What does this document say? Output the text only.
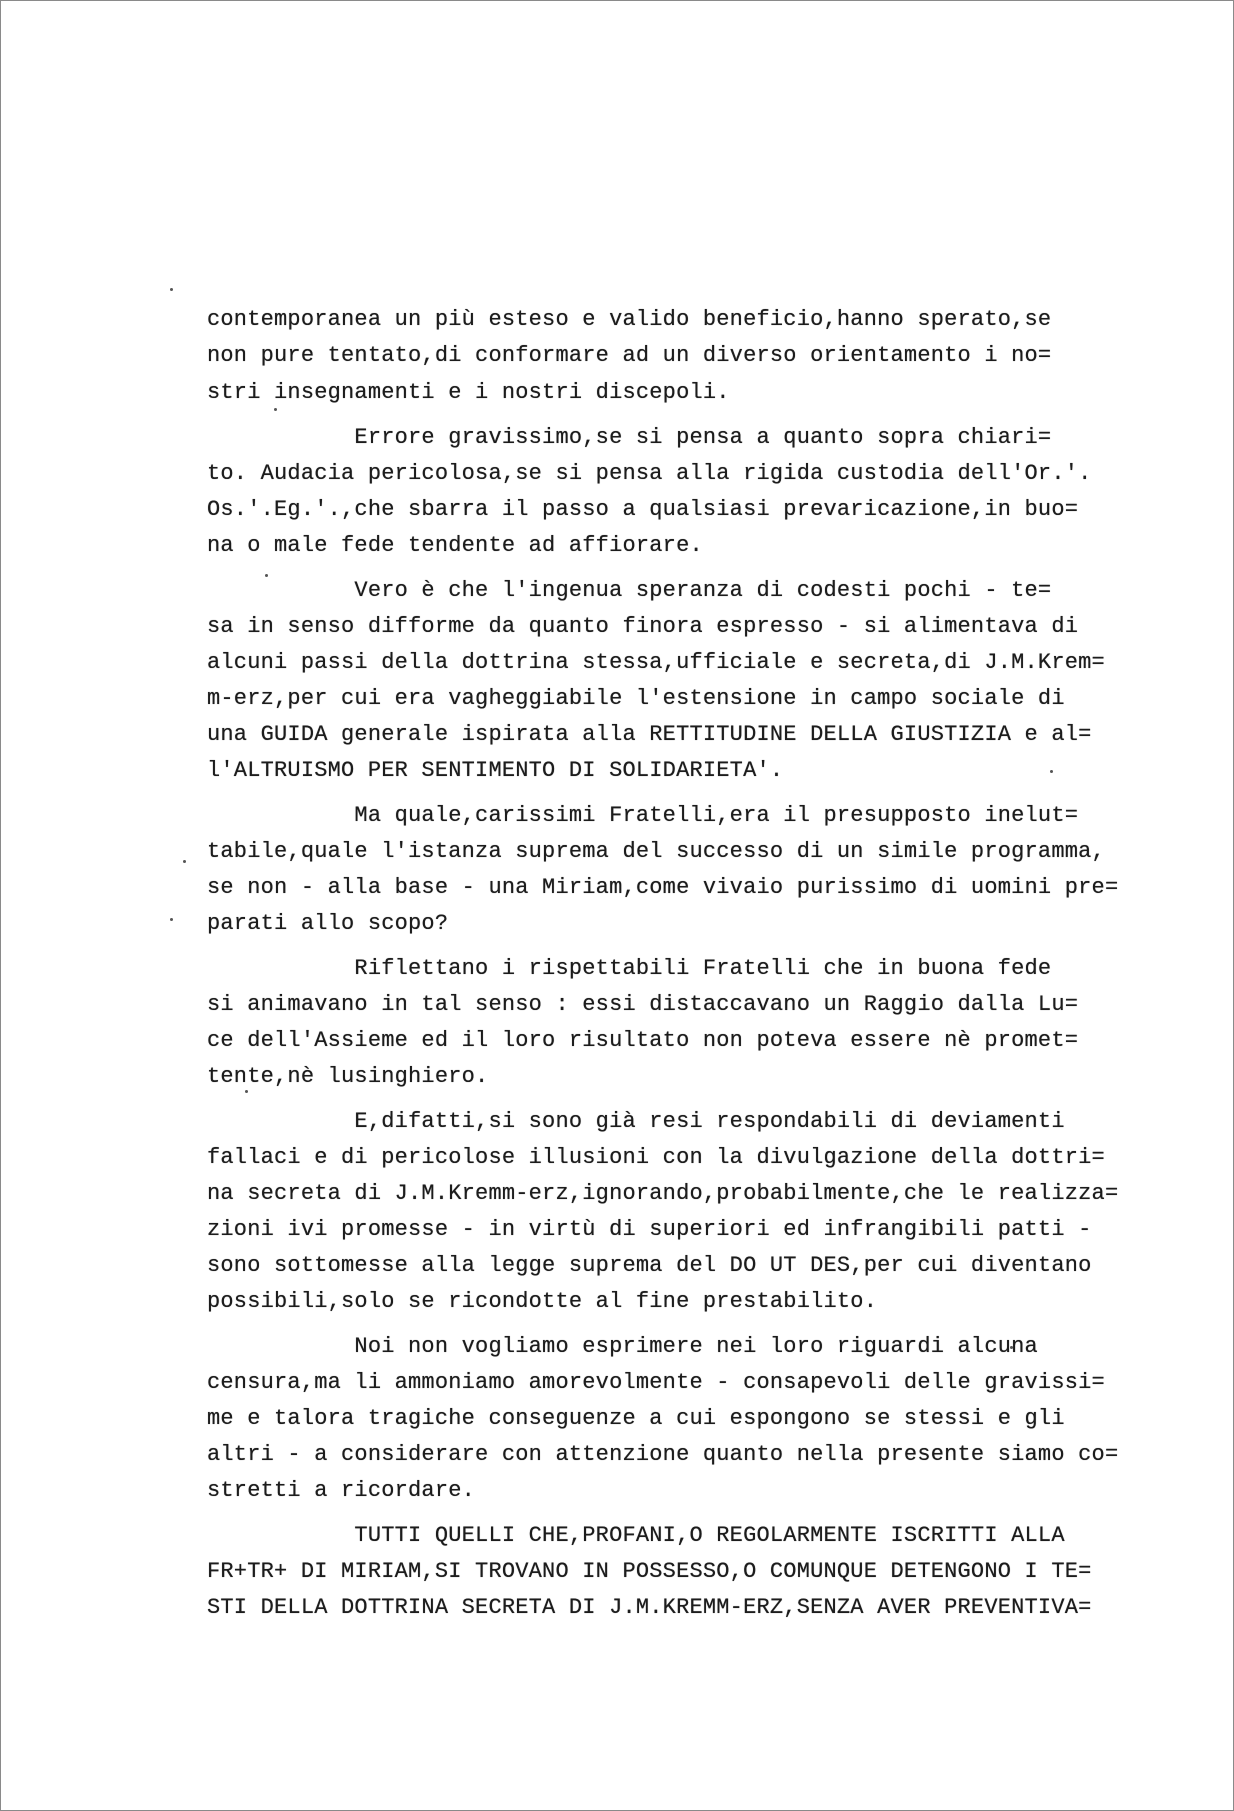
contemporanea un più esteso e valido beneficio,hanno sperato,se
non pure tentato,di conformare ad un diverso orientamento i no=
stri insegnamenti e i nostri discepoli.
Errore gravissimo,se si pensa a quanto sopra chiari=
to. Audacia pericolosa,se si pensa alla rigida custodia dell'Or.'.
Os.'.Eg.'.,che sbarra il passo a qualsiasi prevaricazione,in buo=
na o male fede tendente ad affiorare.
Vero è che l'ingenua speranza di codesti pochi - te=
sa in senso difforme da quanto finora espresso - si alimentava di
alcuni passi della dottrina stessa,ufficiale e secreta,di J.M.Krem=
m-erz,per cui era vagheggiabile l'estensione in campo sociale di
una GUIDA generale ispirata alla RETTITUDINE DELLA GIUSTIZIA e al=
l'ALTRUISMO PER SENTIMENTO DI SOLIDARIETA'.
Ma quale,carissimi Fratelli,era il presupposto inelut=
tabile,quale l'istanza suprema del successo di un simile programma,
se non - alla base - una Miriam,come vivaio purissimo di uomini pre=
parati allo scopo?
Riflettano i rispettabili Fratelli che in buona fede
si animavano in tal senso : essi distaccavano un Raggio dalla Lu=
ce dell'Assieme ed il loro risultato non poteva essere nè promet=
tente,nè lusinghiero.
E,difatti,si sono già resi respondabili di deviamenti
fallaci e di pericolose illusioni con la divulgazione della dottri=
na secreta di J.M.Kremm-erz,ignorando,probabilmente,che le realizza=
zioni ivi promesse - in virtù di superiori ed infrangibili patti -
sono sottomesse alla legge suprema del DO UT DES,per cui diventano
possibili,solo se ricondotte al fine prestabilito.
Noi non vogliamo esprimere nei loro riguardi alcuna
censura,ma li ammoniamo amorevolmente - consapevoli delle gravissi=
me e talora tragiche conseguenze a cui espongono se stessi e gli
altri - a considerare con attenzione quanto nella presente siamo co=
stretti a ricordare.
TUTTI QUELLI CHE,PROFANI,O REGOLARMENTE ISCRITTI ALLA
FR+TR+ DI MIRIAM,SI TROVANO IN POSSESSO,O COMUNQUE DETENGONO I TE=
STI DELLA DOTTRINA SECRETA DI J.M.KREMM-ERZ,SENZA AVER PREVENTIVA=
